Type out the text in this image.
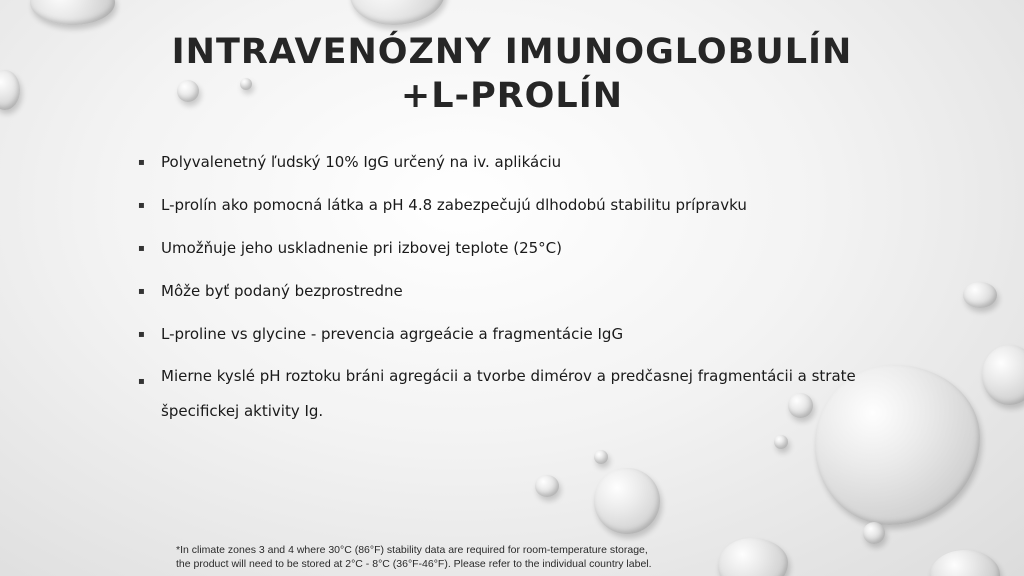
INTRAVENÓZNY IMUNOGLOBULÍN
+L-PROLÍN
▪ Polyvalenetný ľudský 10% IgG určený na iv. aplikáciu
▪ L-prolín ako pomocná látka a pH 4.8 zabezpečujú dlhodobú stabilitu prípravku
▪ Umožňuje jeho uskladnenie pri izbovej teplote (25°C)
▪ Môže byť podaný bezprostredne
▪ L-proline vs glycine - prevencia agrgeácie a fragmentácie IgG
▪ Mierne kyslé pH roztoku bráni agregácii a tvorbe dimérov a predčasnej fragmentácii a strate špecifickej aktivity Ig.

*In climate zones 3 and 4 where 30°C (86°F) stability data are required for room-temperature storage,
the product will need to be stored at 2°C - 8°C (36°F-46°F). Please refer to the individual country label.
